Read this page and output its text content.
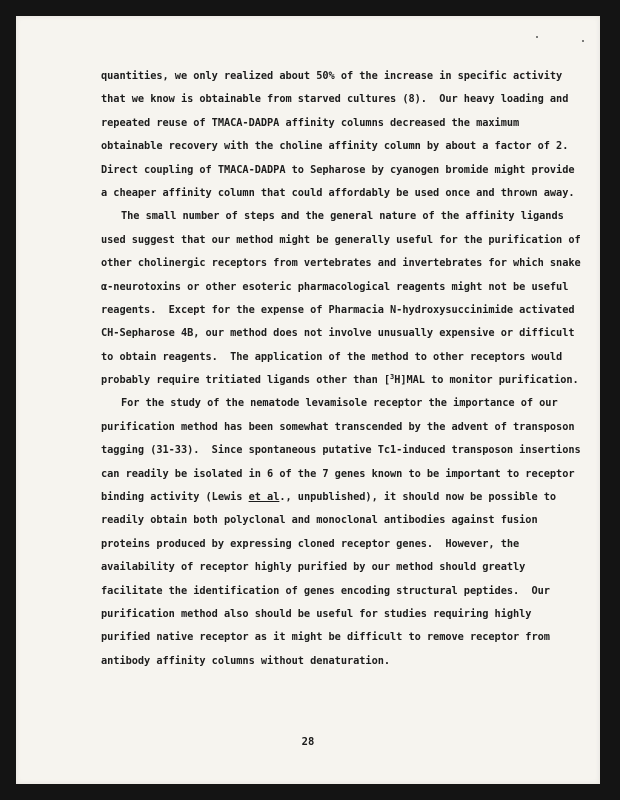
quantities, we only realized about 50% of the increase in specific activity
that we know is obtainable from starved cultures (8).  Our heavy loading and
repeated reuse of TMACA-DADPA affinity columns decreased the maximum
obtainable recovery with the choline affinity column by about a factor of 2.
Direct coupling of TMACA-DADPA to Sepharose by cyanogen bromide might provide
a cheaper affinity column that could affordably be used once and thrown away.
The small number of steps and the general nature of the affinity ligands
used suggest that our method might be generally useful for the purification of
other cholinergic receptors from vertebrates and invertebrates for which snake
α-neurotoxins or other esoteric pharmacological reagents might not be useful
reagents.  Except for the expense of Pharmacia N-hydroxysuccinimide activated
CH-Sepharose 4B, our method does not involve unusually expensive or difficult
to obtain reagents.  The application of the method to other receptors would
probably require tritiated ligands other than [$^3$H]MAL to monitor purification.
For the study of the nematode levamisole receptor the importance of our
purification method has been somewhat transcended by the advent of transposon
tagging (31-33).  Since spontaneous putative Tc1-induced transposon insertions
can readily be isolated in 6 of the 7 genes known to be important to receptor
binding activity (Lewis et al., unpublished), it should now be possible to
readily obtain both polyclonal and monoclonal antibodies against fusion
proteins produced by expressing cloned receptor genes.  However, the
availability of receptor highly purified by our method should greatly
facilitate the identification of genes encoding structural peptides.  Our
purification method also should be useful for studies requiring highly
purified native receptor as it might be difficult to remove receptor from
antibody affinity columns without denaturation.
28
